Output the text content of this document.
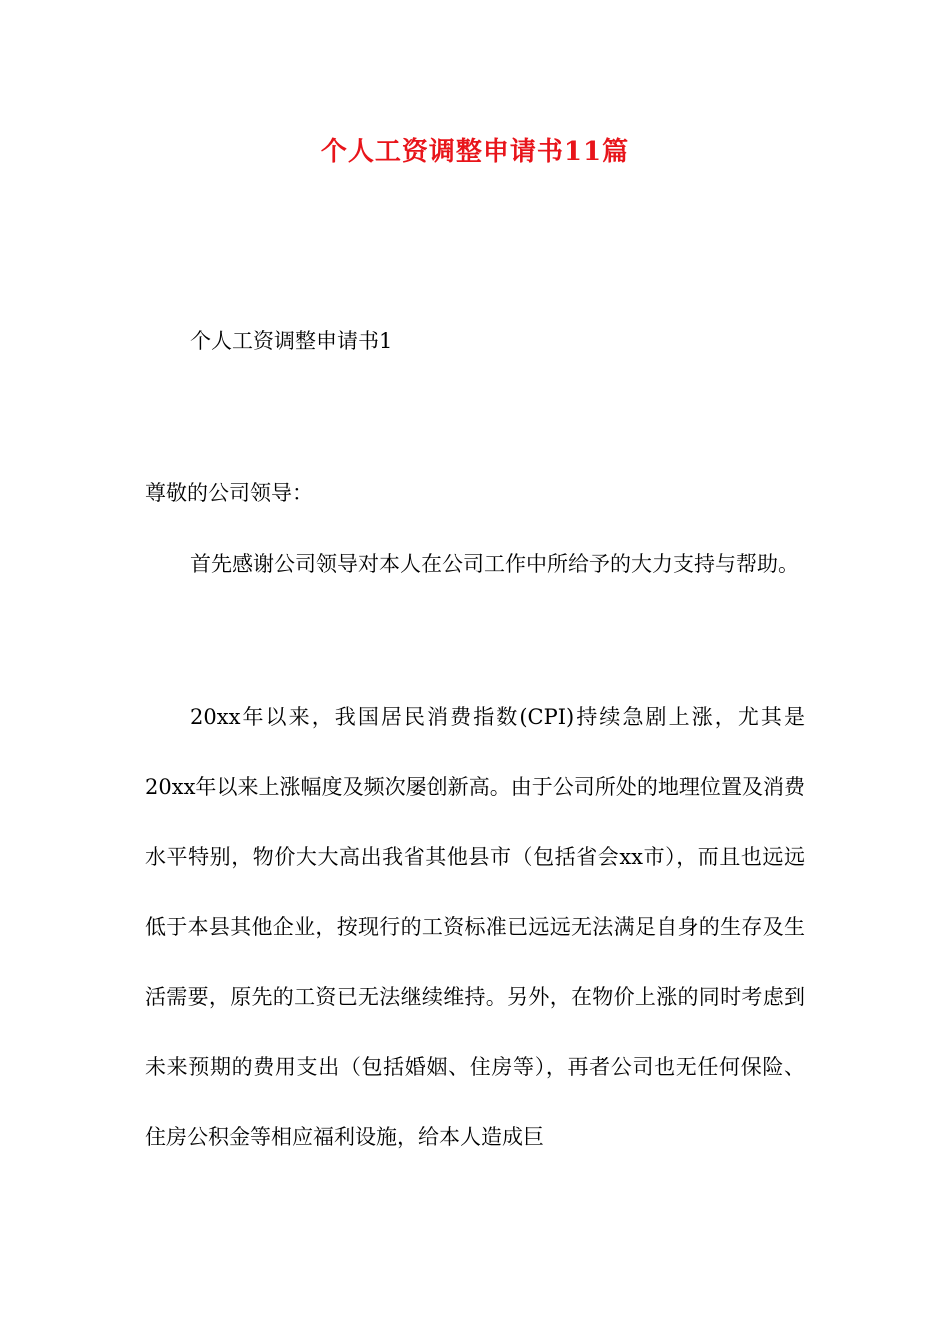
个人工资调整申请书11篇
个人工资调整申请书1
尊敬的公司领导：

首先感谢公司领导对本人在公司工作中所给予的大力支持与帮助。

20xx年以来，我国居民消费指数(CPI)持续急剧上涨，尤其是20xx年以来上涨幅度及频次屡创新高。由于公司所处的地理位置及消费水平特别，物价大大高出我省其他县市（包括省会xx市），而且也远远低于本县其他企业，按现行的工资标准已远远无法满足自身的生存及生活需要，原先的工资已无法继续维持。另外，在物价上涨的同时考虑到未来预期的费用支出（包括婚姻、住房等），再者公司也无任何保险、住房公积金等相应福利设施，给本人造成巨
